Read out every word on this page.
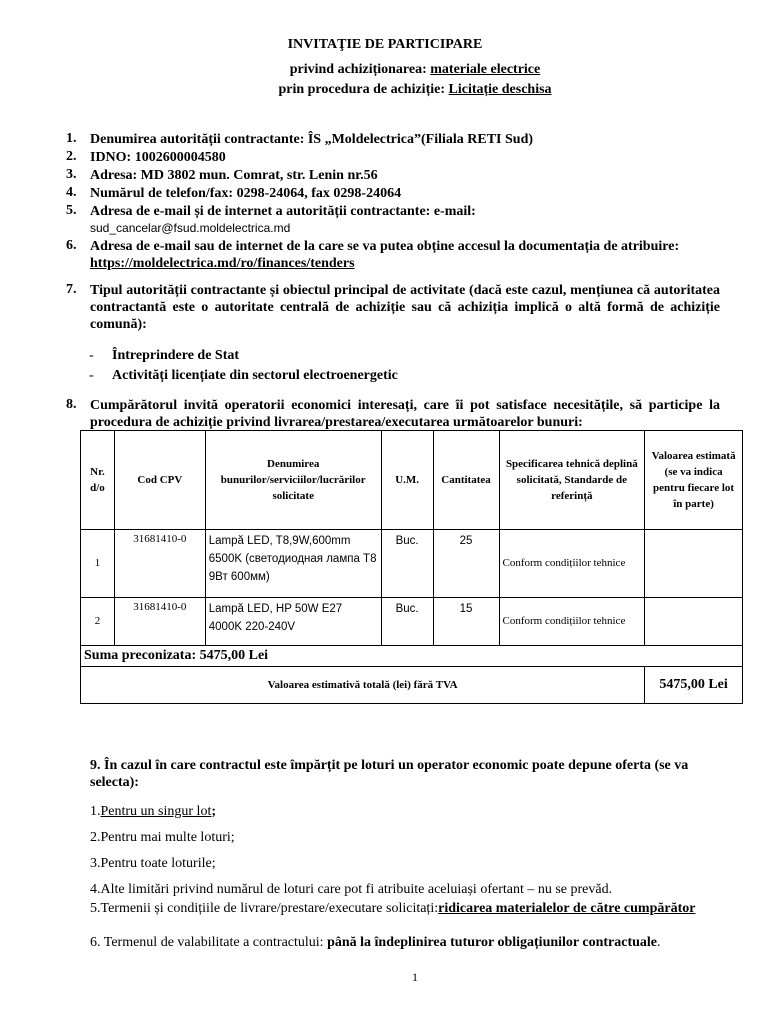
INVITAŢIE DE PARTICIPARE
privind achiziționarea: materiale electrice
prin procedura de achiziție: Licitație deschisa
1. Denumirea autorității contractante: ÎS „Moldelectrica”(Filiala RETI Sud)
2. IDNO: 1002600004580
3. Adresa: MD 3802 mun. Comrat, str. Lenin nr.56
4. Numărul de telefon/fax: 0298-24064, fax 0298-24064
5. Adresa de e-mail și de internet a autorității contractante: e-mail:
sud_cancelar@fsud.moldelectrica.md
6. Adresa de e-mail sau de internet de la care se va putea obține accesul la documentația de atribuire:
https://moldelectrica.md/ro/finances/tenders
7. Tipul autorității contractante și obiectul principal de activitate (dacă este cazul, mențiunea că autoritatea contractantă este o autoritate centrală de achiziție sau că achiziția implică o altă formă de achiziție comună):
- Întreprindere de Stat
- Activități licențiate din sectorul electroenergetic
8. Cumpărătorul invită operatorii economici interesați, care îi pot satisface necesitățile, să participe la procedura de achiziție privind livrarea/prestarea/executarea următoarelor bunuri:
Nr. d/o	Cod CPV	Denumirea bunurilor/serviciilor/lucrărilor solicitate	U.M.	Cantitatea	Specificarea tehnică deplină solicitată, Standarde de referință	Valoarea estimată (se va indica pentru fiecare lot în parte)
1	31681410-0	Lampă LED, T8,9W,600mm 6500K (светодиодная лампа T8 9Вт 600мм)	Buc.	25	Conform condițiilor tehnice	
2	31681410-0	Lampă LED, HP 50W E27 4000K 220-240V	Buc.	15	Conform condițiilor tehnice	
Suma preconizata: 5475,00 Lei						
Valoarea estimativă totală (lei) fără TVA						5475,00 Lei
9. În cazul în care contractul este împărțit pe loturi un operator economic poate depune oferta (se va selecta):
1.Pentru un singur lot;
2.Pentru mai multe loturi;
3.Pentru toate loturile;
4.Alte limitări privind numărul de loturi care pot fi atribuite aceluiași ofertant – nu se prevăd.
5.Termenii și condițiile de livrare/prestare/executare solicitați:ridicarea materialelor de către cumpărător
6. Termenul de valabilitate a contractului: până la îndeplinirea tuturor obligațiunilor contractuale.
1
